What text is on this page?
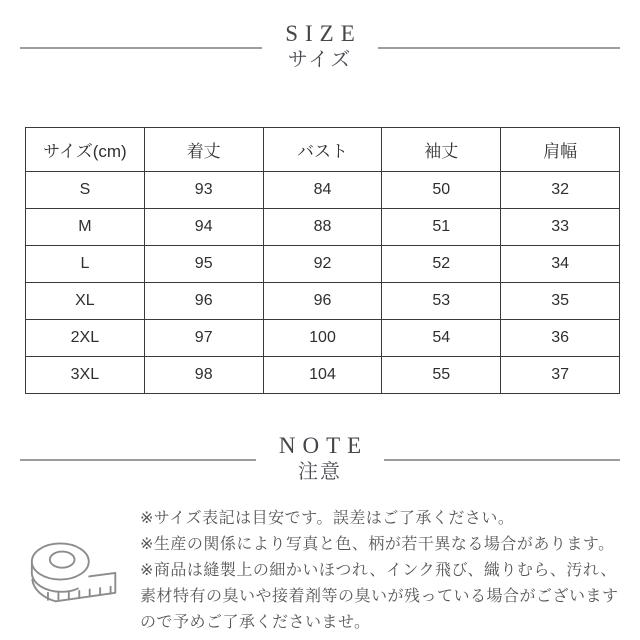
SIZE
サイズ
サイズ(cm)	着丈	バスト	袖丈	肩幅
S	93	84	50	32
M	94	88	51	33
L	95	92	52	34
XL	96	96	53	35
2XL	97	100	54	36
3XL	98	104	55	37
NOTE
注意
※サイズ表記は目安です。誤差はご了承ください。
※生産の関係により写真と色、柄が若干異なる場合があります。
※商品は縫製上の細かいほつれ、インク飛び、織りむら、汚れ、
素材特有の臭いや接着剤等の臭いが残っている場合がございます
ので予めご了承くださいませ。
